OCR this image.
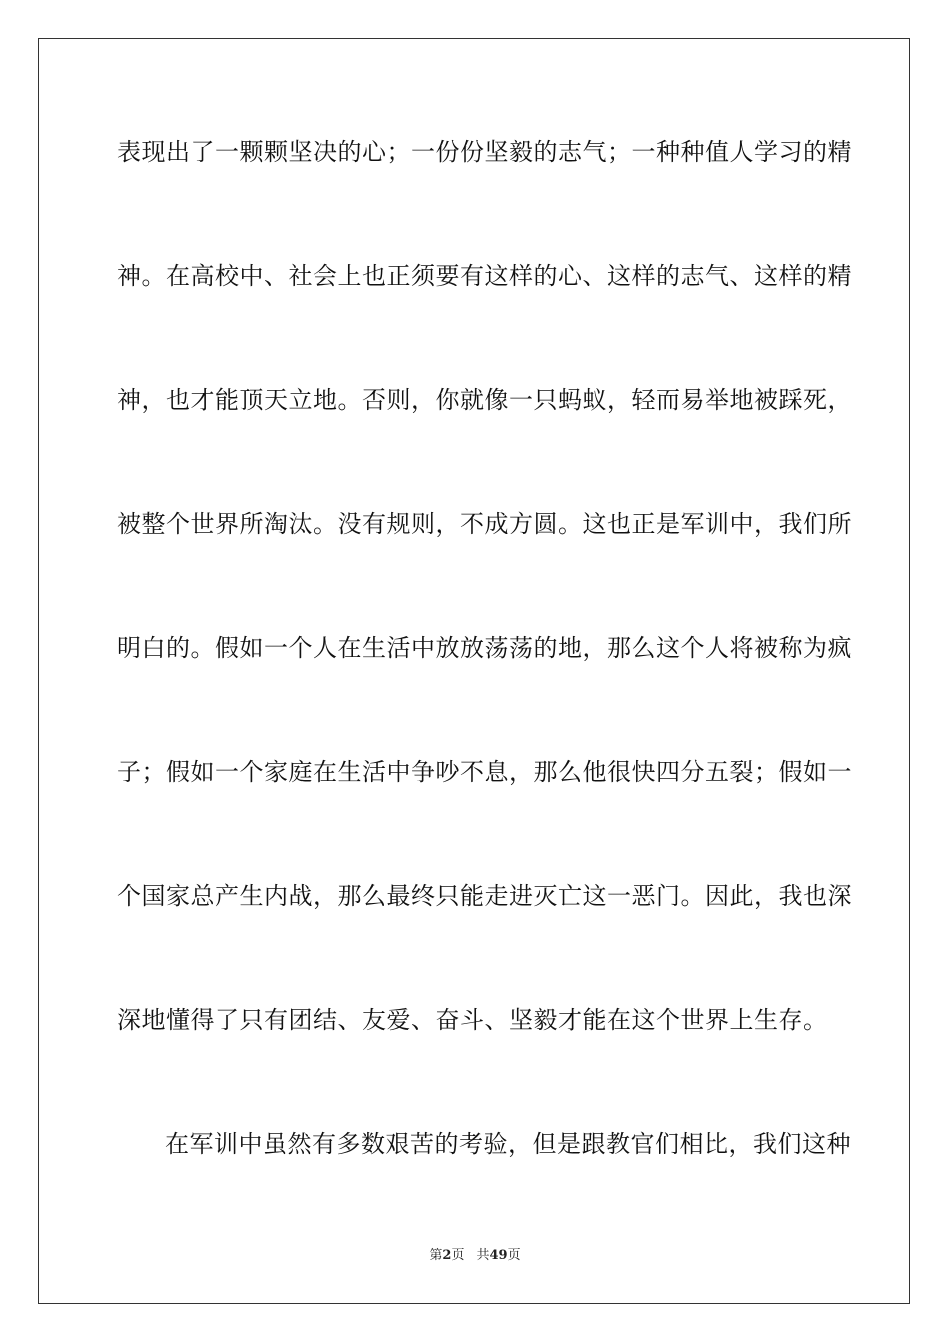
表现出了一颗颗坚决的心；一份份坚毅的志气；一种种值人学习的精
神。在高校中、社会上也正须要有这样的心、这样的志气、这样的精
神，也才能顶天立地。否则，你就像一只蚂蚁，轻而易举地被踩死，
被整个世界所淘汰。没有规则，不成方圆。这也正是军训中，我们所
明白的。假如一个人在生活中放放荡荡的地，那么这个人将被称为疯
子；假如一个家庭在生活中争吵不息，那么他很快四分五裂；假如一
个国家总产生内战，那么最终只能走进灭亡这一恶门。因此，我也深
深地懂得了只有团结、友爱、奋斗、坚毅才能在这个世界上生存。
在军训中虽然有多数艰苦的考验，但是跟教官们相比，我们这种
第2页 共49页
